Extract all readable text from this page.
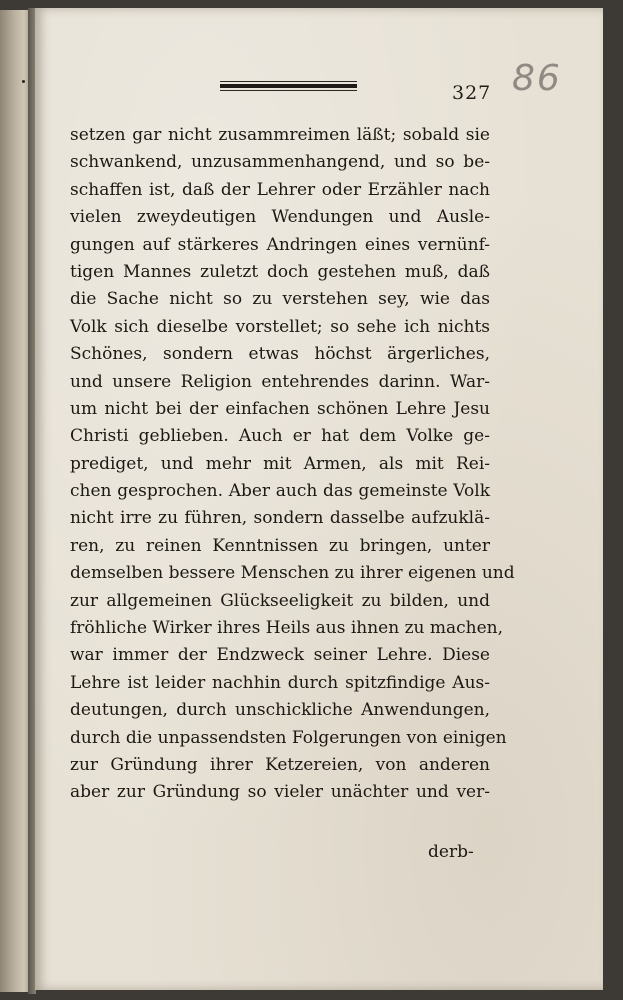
327 86
setzen gar nicht zusammreimen läßt; sobald sie
schwankend, unzusammenhangend, und so be-
schaffen ist, daß der Lehrer oder Erzähler nach
vielen zweydeutigen Wendungen und Ausle-
gungen auf stärkeres Andringen eines vernünf-
tigen Mannes zuletzt doch gestehen muß, daß
die Sache nicht so zu verstehen sey, wie das
Volk sich dieselbe vorstellet; so sehe ich nichts
Schönes, sondern etwas höchst ärgerliches,
und unsere Religion entehrendes darinn. War-
um nicht bei der einfachen schönen Lehre Jesu
Christi geblieben. Auch er hat dem Volke ge-
prediget, und mehr mit Armen, als mit Rei-
chen gesprochen. Aber auch das gemeinste Volk
nicht irre zu führen, sondern dasselbe aufzuklä-
ren, zu reinen Kenntnissen zu bringen, unter
demselben bessere Menschen zu ihrer eigenen und
zur allgemeinen Glückseeligkeit zu bilden, und
fröhliche Wirker ihres Heils aus ihnen zu machen,
war immer der Endzweck seiner Lehre. Diese
Lehre ist leider nachhin durch spitzfindige Aus-
deutungen, durch unschickliche Anwendungen,
durch die unpassendsten Folgerungen von einigen
zur Gründung ihrer Ketzereien, von anderen
aber zur Gründung so vieler unächter und ver-
derb-
